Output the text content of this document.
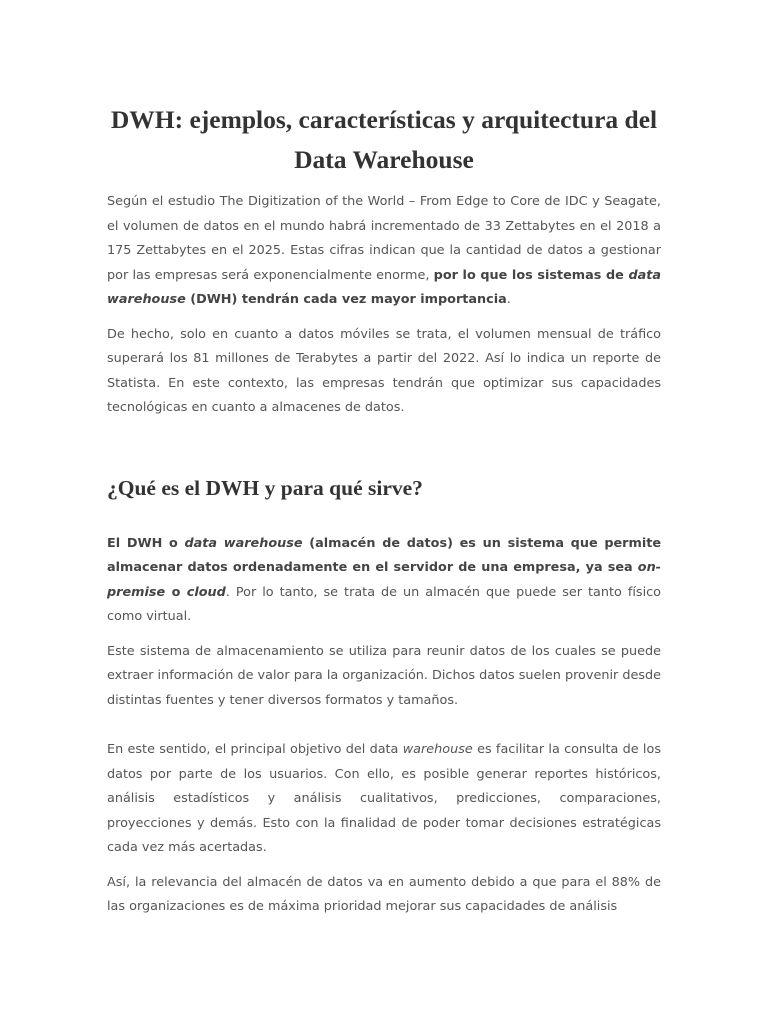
DWH: ejemplos, características y arquitectura del Data Warehouse

Según el estudio The Digitization of the World – From Edge to Core de IDC y Seagate, el volumen de datos en el mundo habrá incrementado de 33 Zettabytes en el 2018 a 175 Zettabytes en el 2025. Estas cifras indican que la cantidad de datos a gestionar por las empresas será exponencialmente enorme, por lo que los sistemas de data warehouse (DWH) tendrán cada vez mayor importancia.

De hecho, solo en cuanto a datos móviles se trata, el volumen mensual de tráfico superará los 81 millones de Terabytes a partir del 2022. Así lo indica un reporte de Statista. En este contexto, las empresas tendrán que optimizar sus capacidades tecnológicas en cuanto a almacenes de datos.

¿Qué es el DWH y para qué sirve?

El DWH o data warehouse (almacén de datos) es un sistema que permite almacenar datos ordenadamente en el servidor de una empresa, ya sea on-premise o cloud. Por lo tanto, se trata de un almacén que puede ser tanto físico como virtual.

Este sistema de almacenamiento se utiliza para reunir datos de los cuales se puede extraer información de valor para la organización. Dichos datos suelen provenir desde distintas fuentes y tener diversos formatos y tamaños.

En este sentido, el principal objetivo del data warehouse es facilitar la consulta de los datos por parte de los usuarios. Con ello, es posible generar reportes históricos, análisis estadísticos y análisis cualitativos, predicciones, comparaciones, proyecciones y demás. Esto con la finalidad de poder tomar decisiones estratégicas cada vez más acertadas.

Así, la relevancia del almacén de datos va en aumento debido a que para el 88% de las organizaciones es de máxima prioridad mejorar sus capacidades de análisis
